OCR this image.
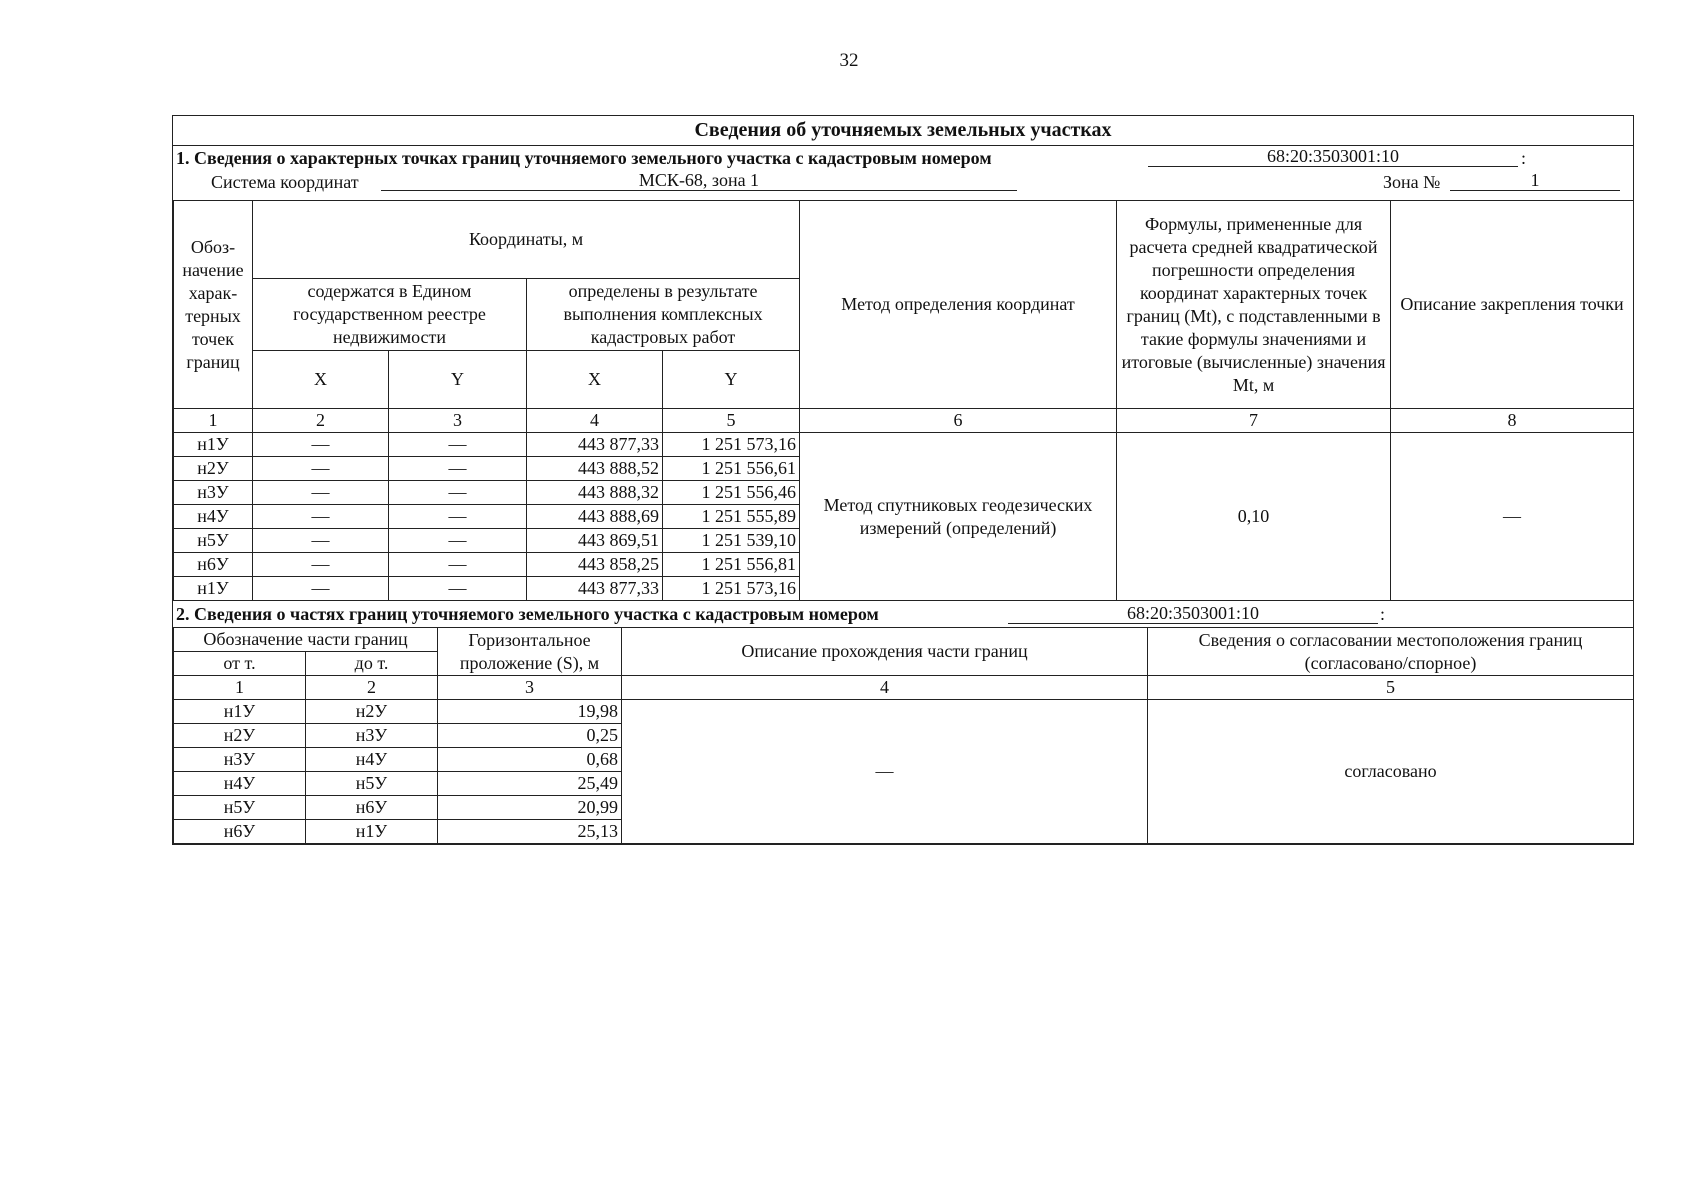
32
Сведения об уточняемых земельных участках
1. Сведения о характерных точках границ уточняемого земельного участка с кадастровым номером	68:20:3503001:10	:
Система координат	МСК-68, зона 1	Зона №	1
Обоз-начение харак-терных точек границ	Координаты, м				Метод определения координат	Формулы, примененные для расчета средней квадратической погрешности определения координат характерных точек границ (Mt), с подставленными в такие формулы значениями и итоговые (вычисленные) значения Mt, м	Описание закрепления точки
	содержатся в Едином государственном реестре недвижимости		определены в результате выполнения комплексных кадастровых работ				
	X	Y	X	Y			
1	2	3	4	5	6	7	8
н1У	—	—	443 877,33	1 251 573,16	Метод спутниковых геодезических измерений (определений)	0,10	—
н2У	—	—	443 888,52	1 251 556,61			
н3У	—	—	443 888,32	1 251 556,46			
н4У	—	—	443 888,69	1 251 555,89			
н5У	—	—	443 869,51	1 251 539,10			
н6У	—	—	443 858,25	1 251 556,81			
н1У	—	—	443 877,33	1 251 573,16			
2. Сведения о частях границ уточняемого земельного участка с кадастровым номером	68:20:3503001:10	:
Обозначение части границ		Горизонтальное проложение (S), м	Описание прохождения части границ	Сведения о согласовании местоположения границ (согласовано/спорное)
от т.	до т.			
1	2	3	4	5
н1У	н2У	19,98	—	согласовано
н2У	н3У	0,25		
н3У	н4У	0,68		
н4У	н5У	25,49		
н5У	н6У	20,99		
н6У	н1У	25,13		
